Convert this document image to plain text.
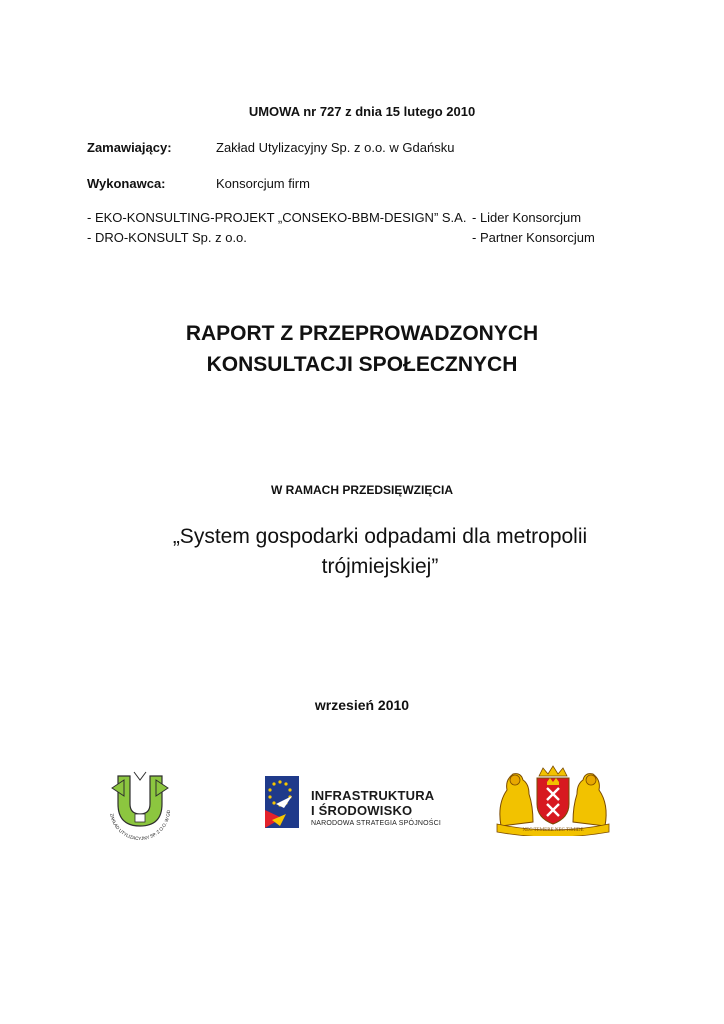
UMOWA nr 727 z dnia 15 lutego 2010
Zamawiający:	Zakład Utylizacyjny Sp. z o.o. w Gdańsku
Wykonawca:	Konsorcjum firm
- EKO-KONSULTING-PROJEKT „CONSEKO-BBM-DESIGN” S.A. - Lider Konsorcjum
- DRO-KONSULT Sp. z o.o.	- Partner Konsorcjum
RAPORT Z PRZEPROWADZONYCH
KONSULTACJI SPOŁECZNYCH
W RAMACH PRZEDSIĘWZIĘCIA
„System gospodarki odpadami dla metropolii
trójmiejskiej”
wrzesień 2010
ZAKŁAD UTYLIZACYJNY SP. Z O.O. W GD
INFRASTRUKTURA
I ŚRODOWISKO
NARODOWA STRATEGIA SPÓJNOŚCI
NEC TEMERE NEC TIMIDE
